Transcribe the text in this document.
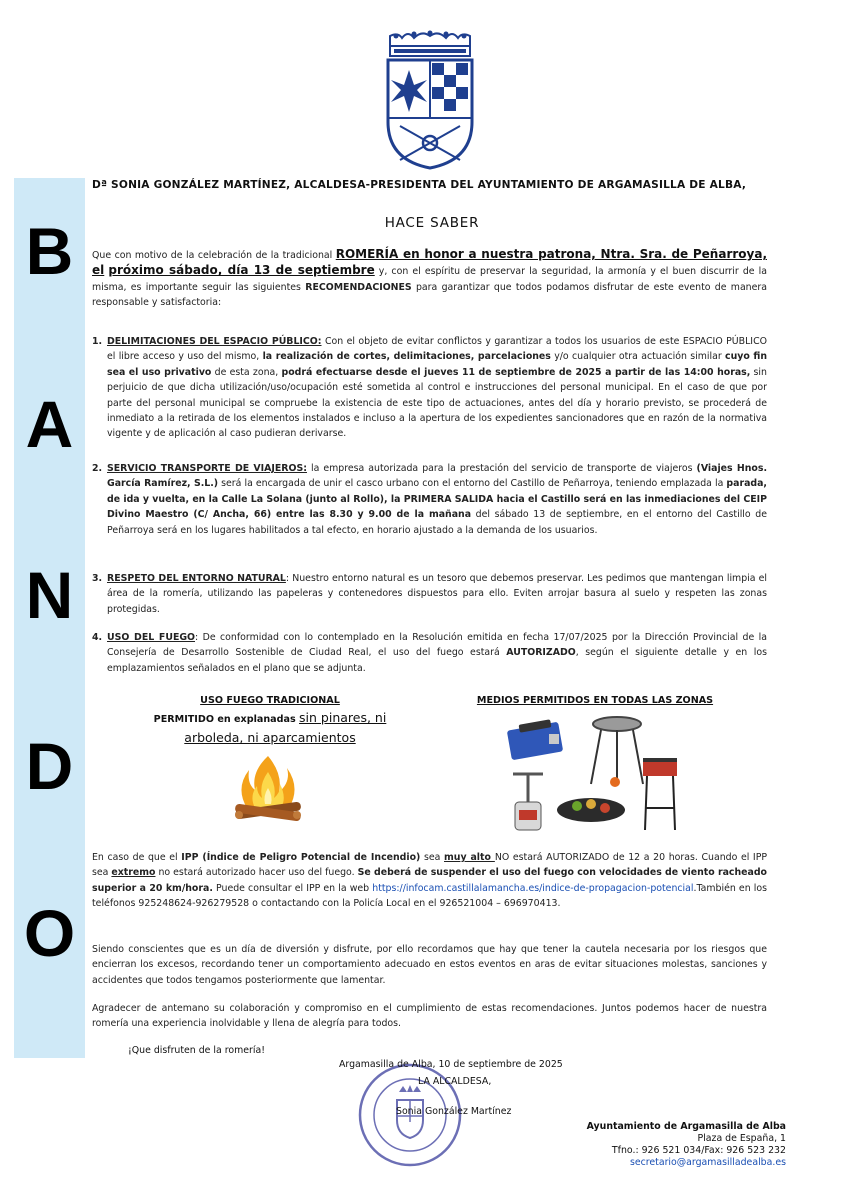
B
A
N
D
O
Dª SONIA GONZÁLEZ MARTÍNEZ, ALCALDESA-PRESIDENTA DEL AYUNTAMIENTO DE ARGAMASILLA DE ALBA,
HACE SABER
Que con motivo de la celebración de la tradicional ROMERÍA en honor a nuestra patrona, Ntra. Sra. de Peñarroya, el próximo sábado, día 13 de septiembre y, con el espíritu de preservar la seguridad, la armonía y el buen discurrir de la misma, es importante seguir las siguientes RECOMENDACIONES para garantizar que todos podamos disfrutar de este evento de manera responsable y satisfactoria:
1. DELIMITACIONES DEL ESPACIO PÚBLICO: Con el objeto de evitar conflictos y garantizar a todos los usuarios de este ESPACIO PÚBLICO el libre acceso y uso del mismo, la realización de cortes, delimitaciones, parcelaciones y/o cualquier otra actuación similar cuyo fin sea el uso privativo de esta zona, podrá efectuarse desde el jueves 11 de septiembre de 2025 a partir de las 14:00 horas, sin perjuicio de que dicha utilización/uso/ocupación esté sometida al control e instrucciones del personal municipal. En el caso de que por parte del personal municipal se compruebe la existencia de este tipo de actuaciones, antes del día y horario previsto, se procederá de inmediato a la retirada de los elementos instalados e incluso a la apertura de los expedientes sancionadores que en razón de la normativa vigente y de aplicación al caso pudieran derivarse.
2. SERVICIO TRANSPORTE DE VIAJEROS: la empresa autorizada para la prestación del servicio de transporte de viajeros (Viajes Hnos. García Ramírez, S.L.) será la encargada de unir el casco urbano con el entorno del Castillo de Peñarroya, teniendo emplazada la parada, de ida y vuelta, en la Calle La Solana (junto al Rollo), la PRIMERA SALIDA hacia el Castillo será en las inmediaciones del CEIP Divino Maestro (C/ Ancha, 66) entre las 8.30 y 9.00 de la mañana del sábado 13 de septiembre, en el entorno del Castillo de Peñarroya será en los lugares habilitados a tal efecto, en horario ajustado a la demanda de los usuarios.
3. RESPETO DEL ENTORNO NATURAL: Nuestro entorno natural es un tesoro que debemos preservar. Les pedimos que mantengan limpia el área de la romería, utilizando las papeleras y contenedores dispuestos para ello. Eviten arrojar basura al suelo y respeten las zonas protegidas.
4. USO DEL FUEGO: De conformidad con lo contemplado en la Resolución emitida en fecha 17/07/2025 por la Dirección Provincial de la Consejería de Desarrollo Sostenible de Ciudad Real, el uso del fuego estará AUTORIZADO, según el siguiente detalle y en los emplazamientos señalados en el plano que se adjunta.
USO FUEGO TRADICIONAL
PERMITIDO en explanadas sin pinares, ni arboleda, ni aparcamientos
MEDIOS PERMITIDOS EN TODAS LAS ZONAS
En caso de que el IPP (Índice de Peligro Potencial de Incendio) sea muy alto NO estará AUTORIZADO de 12 a 20 horas. Cuando el IPP sea extremo no estará autorizado hacer uso del fuego. Se deberá de suspender el uso del fuego con velocidades de viento racheado superior a 20 km/hora. Puede consultar el IPP en la web https://infocam.castillalamancha.es/indice-de-propagacion-potencial.También en los teléfonos 925248624-926279528 o contactando con la Policía Local en el 926521004 – 696970413.
Siendo conscientes que es un día de diversión y disfrute, por ello recordamos que hay que tener la cautela necesaria por los riesgos que encierran los excesos, recordando tener un comportamiento adecuado en estos eventos en aras de evitar situaciones molestas, sanciones y accidentes que todos tengamos posteriormente que lamentar.
Agradecer de antemano su colaboración y compromiso en el cumplimiento de estas recomendaciones. Juntos podemos hacer de nuestra romería una experiencia inolvidable y llena de alegría para todos.
¡Que disfruten de la romería!
Argamasilla de Alba, 10 de septiembre de 2025
LA ALCALDESA,
Sonia González Martínez
Ayuntamiento de Argamasilla de Alba
Plaza de España, 1
Tfno.: 926 521 034/Fax: 926 523 232
secretario@argamasilladealba.es
